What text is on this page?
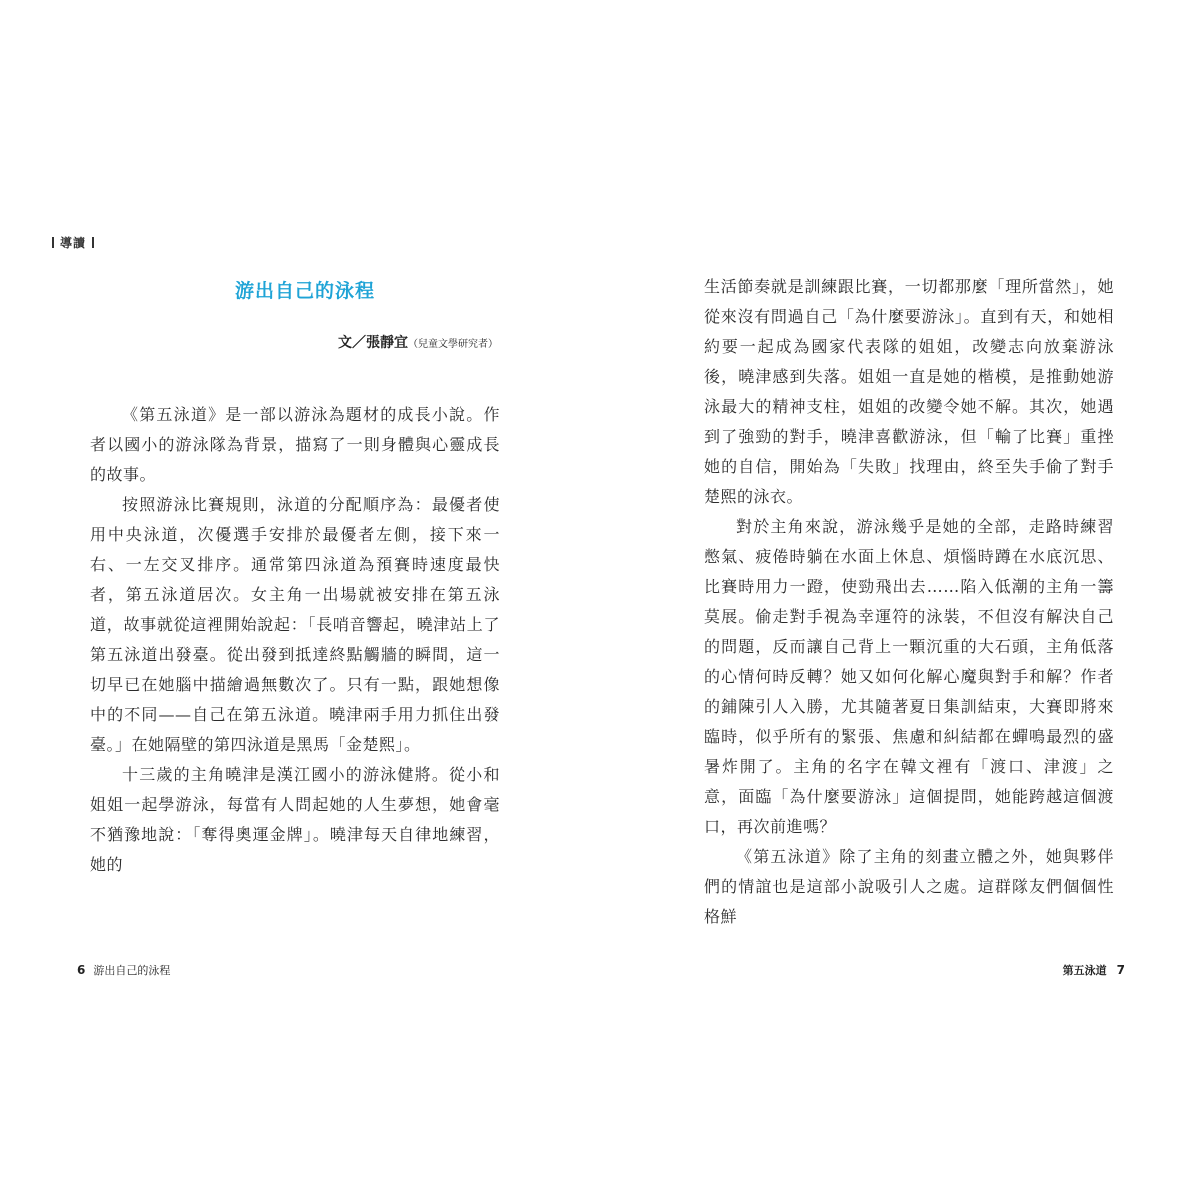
導讀
游出自己的泳程
文／張靜宜（兒童文學研究者）

《第五泳道》是一部以游泳為題材的成長小說。作者以國小的游泳隊為背景，描寫了一則身體與心靈成長的故事。

按照游泳比賽規則，泳道的分配順序為：最優者使用中央泳道，次優選手安排於最優者左側，接下來一右、一左交叉排序。通常第四泳道為預賽時速度最快者，第五泳道居次。女主角一出場就被安排在第五泳道，故事就從這裡開始說起：「長哨音響起，曉津站上了第五泳道出發臺。從出發到抵達終點觸牆的瞬間，這一切早已在她腦中描繪過無數次了。只有一點，跟她想像中的不同——自己在第五泳道。曉津兩手用力抓住出發臺。」在她隔壁的第四泳道是黑馬「金楚熙」。

十三歲的主角曉津是漢江國小的游泳健將。從小和姐姐一起學游泳，每當有人問起她的人生夢想，她會毫不猶豫地說：「奪得奧運金牌」。曉津每天自律地練習，她的

6 游出自己的泳程

生活節奏就是訓練跟比賽，一切都那麼「理所當然」，她從來沒有問過自己「為什麼要游泳」。直到有天，和她相約要一起成為國家代表隊的姐姐，改變志向放棄游泳後，曉津感到失落。姐姐一直是她的楷模，是推動她游泳最大的精神支柱，姐姐的改變令她不解。其次，她遇到了強勁的對手，曉津喜歡游泳，但「輸了比賽」重挫她的自信，開始為「失敗」找理由，終至失手偷了對手楚熙的泳衣。

對於主角來說，游泳幾乎是她的全部，走路時練習憋氣、疲倦時躺在水面上休息、煩惱時蹲在水底沉思、比賽時用力一蹬，使勁飛出去……陷入低潮的主角一籌莫展。偷走對手視為幸運符的泳裝，不但沒有解決自己的問題，反而讓自己背上一顆沉重的大石頭，主角低落的心情何時反轉？她又如何化解心魔與對手和解？作者的鋪陳引人入勝，尤其隨著夏日集訓結束，大賽即將來臨時，似乎所有的緊張、焦慮和糾結都在蟬鳴最烈的盛暑炸開了。主角的名字在韓文裡有「渡口、津渡」之意，面臨「為什麼要游泳」這個提問，她能跨越這個渡口，再次前進嗎？

《第五泳道》除了主角的刻畫立體之外，她與夥伴們的情誼也是這部小說吸引人之處。這群隊友們個個性格鮮

第五泳道 7
